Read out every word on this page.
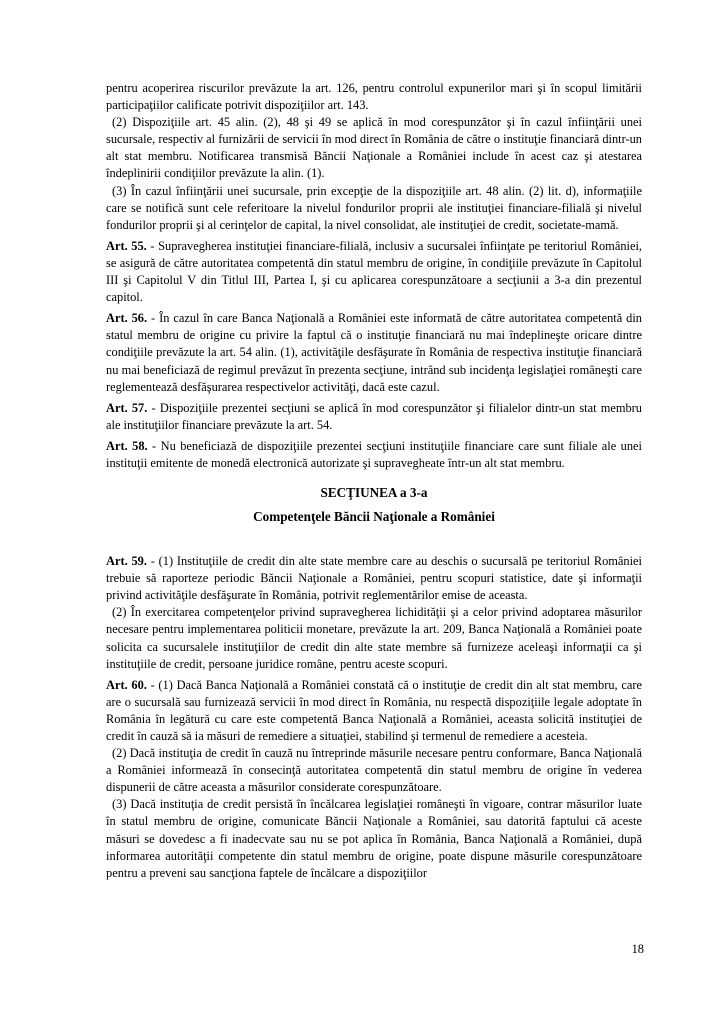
pentru acoperirea riscurilor prevăzute la art. 126, pentru controlul expunerilor mari şi în scopul limitării participaţiilor calificate potrivit dispoziţiilor art. 143.

(2) Dispoziţiile art. 45 alin. (2), 48 şi 49 se aplică în mod corespunzător şi în cazul înfiinţării unei sucursale, respectiv al furnizării de servicii în mod direct în România de către o instituţie financiară dintr-un alt stat membru. Notificarea transmisă Băncii Naţionale a României include în acest caz şi atestarea îndeplinirii condiţiilor prevăzute la alin. (1).

(3) În cazul înfiinţării unei sucursale, prin excepţie de la dispoziţiile art. 48 alin. (2) lit. d), informaţiile care se notifică sunt cele referitoare la nivelul fondurilor proprii ale instituţiei financiare-filială şi nivelul fondurilor proprii şi al cerinţelor de capital, la nivel consolidat, ale instituţiei de credit, societate-mamă.

Art. 55. - Supravegherea instituţiei financiare-filială, inclusiv a sucursalei înfiinţate pe teritoriul României, se asigură de către autoritatea competentă din statul membru de origine, în condiţiile prevăzute în Capitolul III şi Capitolul V din Titlul III, Partea I, şi cu aplicarea corespunzătoare a secţiunii a 3-a din prezentul capitol.

Art. 56. - În cazul în care Banca Naţională a României este informată de către autoritatea competentă din statul membru de origine cu privire la faptul că o instituţie financiară nu mai îndeplineşte oricare dintre condiţiile prevăzute la art. 54 alin. (1), activităţile desfăşurate în România de respectiva instituţie financiară nu mai beneficiază de regimul prevăzut în prezenta secţiune, intrând sub incidenţa legislaţiei româneşti care reglementează desfăşurarea respectivelor activităţi, dacă este cazul.

Art. 57. - Dispoziţiile prezentei secţiuni se aplică în mod corespunzător şi filialelor dintr-un stat membru ale instituţiilor financiare prevăzute la art. 54.

Art. 58. - Nu beneficiază de dispoziţiile prezentei secţiuni instituţiile financiare care sunt filiale ale unei instituţii emitente de monedă electronică autorizate şi supravegheate într-un alt stat membru.

SECŢIUNEA a 3-a

Competenţele Băncii Naţionale a României

Art. 59. - (1) Instituţiile de credit din alte state membre care au deschis o sucursală pe teritoriul României trebuie să raporteze periodic Băncii Naţionale a României, pentru scopuri statistice, date şi informaţii privind activităţile desfăşurate în România, potrivit reglementărilor emise de aceasta.

(2) În exercitarea competenţelor privind supravegherea lichidităţii şi a celor privind adoptarea măsurilor necesare pentru implementarea politicii monetare, prevăzute la art. 209, Banca Naţională a României poate solicita ca sucursalele instituţiilor de credit din alte state membre să furnizeze aceleaşi informaţii ca şi instituţiile de credit, persoane juridice române, pentru aceste scopuri.

Art. 60. - (1) Dacă Banca Naţională a României constată că o instituţie de credit din alt stat membru, care are o sucursală sau furnizează servicii în mod direct în România, nu respectă dispoziţiile legale adoptate în România în legătură cu care este competentă Banca Naţională a României, aceasta solicită instituţiei de credit în cauză să ia măsuri de remediere a situaţiei, stabilind şi termenul de remediere a acesteia.

(2) Dacă instituţia de credit în cauză nu întreprinde măsurile necesare pentru conformare, Banca Naţională a României informează în consecinţă autoritatea competentă din statul membru de origine în vederea dispunerii de către aceasta a măsurilor considerate corespunzătoare.

(3) Dacă instituţia de credit persistă în încălcarea legislaţiei româneşti în vigoare, contrar măsurilor luate în statul membru de origine, comunicate Băncii Naţionale a României, sau datorită faptului că aceste măsuri se dovedesc a fi inadecvate sau nu se pot aplica în România, Banca Naţională a României, după informarea autorităţii competente din statul membru de origine, poate dispune măsurile corespunzătoare pentru a preveni sau sancţiona faptele de încălcare a dispoziţiilor

18
